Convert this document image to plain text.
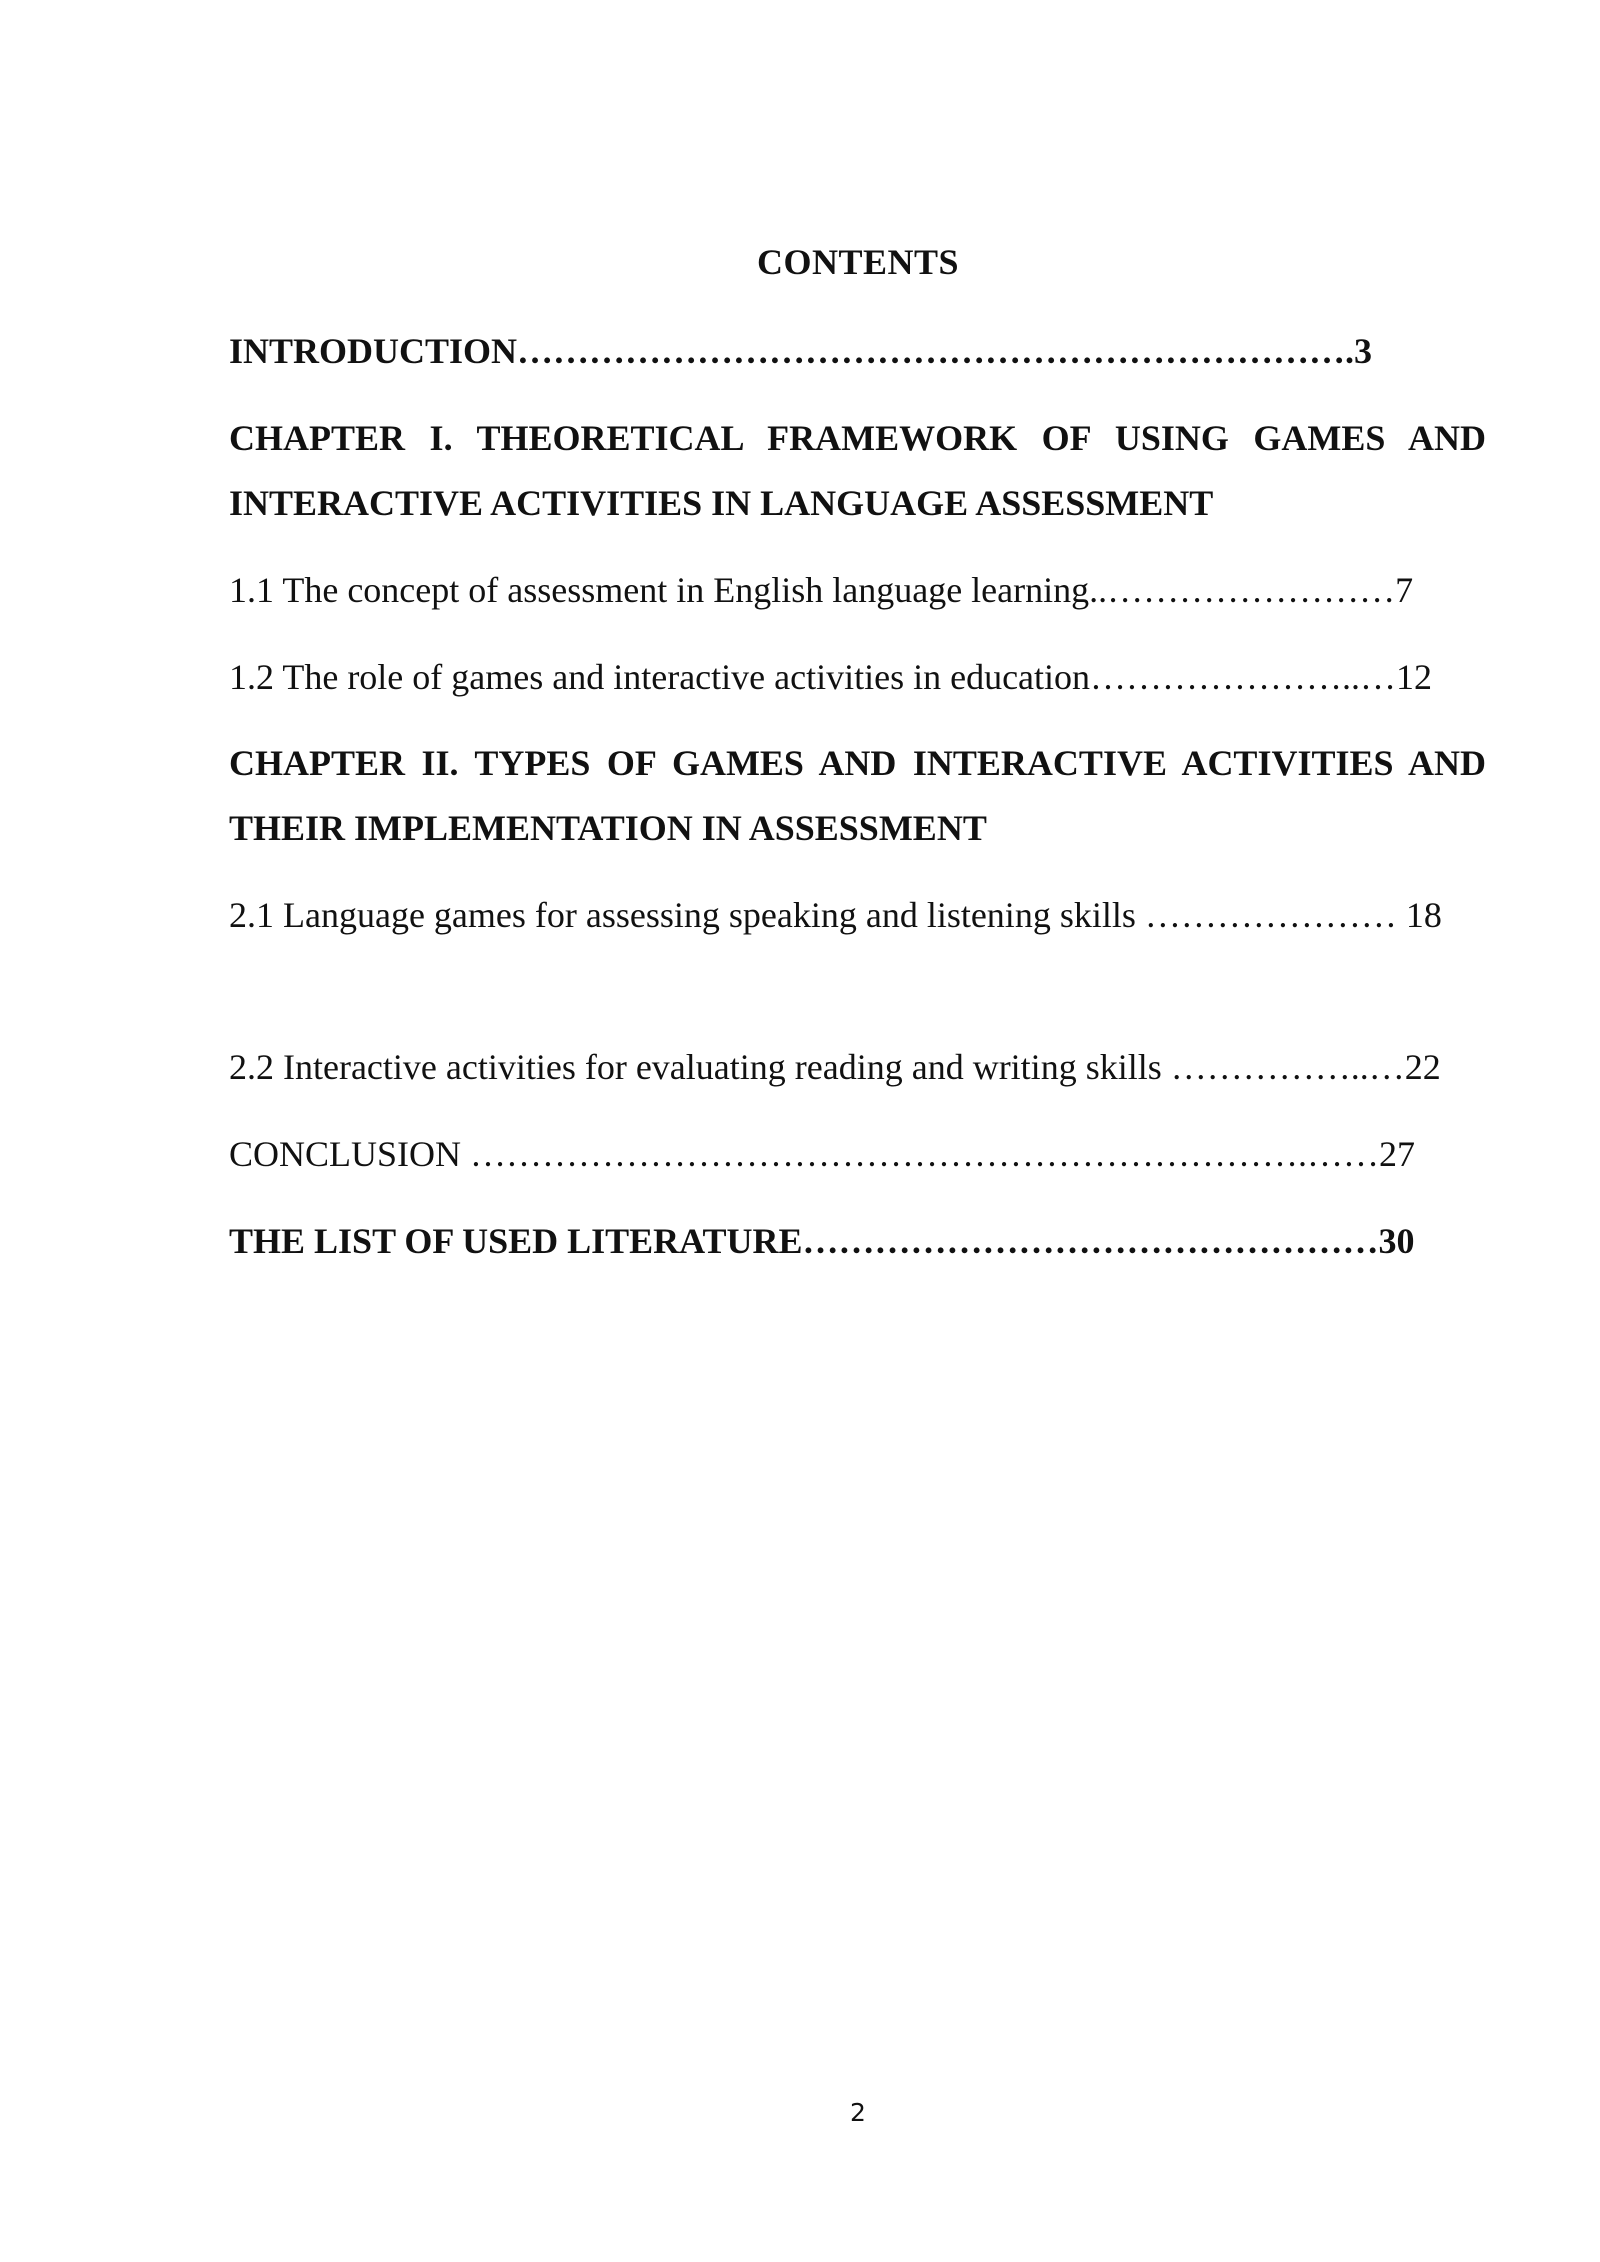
CONTENTS
INTRODUCTION…………………………………………………………….3
CHAPTER I. THEORETICAL FRAMEWORK OF USING GAMES AND INTERACTIVE ACTIVITIES IN LANGUAGE ASSESSMENT
1.1 The concept of assessment in English language learning..……………………7
1.2 The role of games and interactive activities in education…………………..…12
CHAPTER II. TYPES OF GAMES AND INTERACTIVE ACTIVITIES AND THEIR IMPLEMENTATION IN ASSESSMENT
2.1 Language games for assessing speaking and listening skills ………………… 18
2.2 Interactive activities for evaluating reading and writing skills ……………..…22
CONCLUSION …………………………………………………………….……27
THE LIST OF USED LITERATURE…………………………………………30
2
